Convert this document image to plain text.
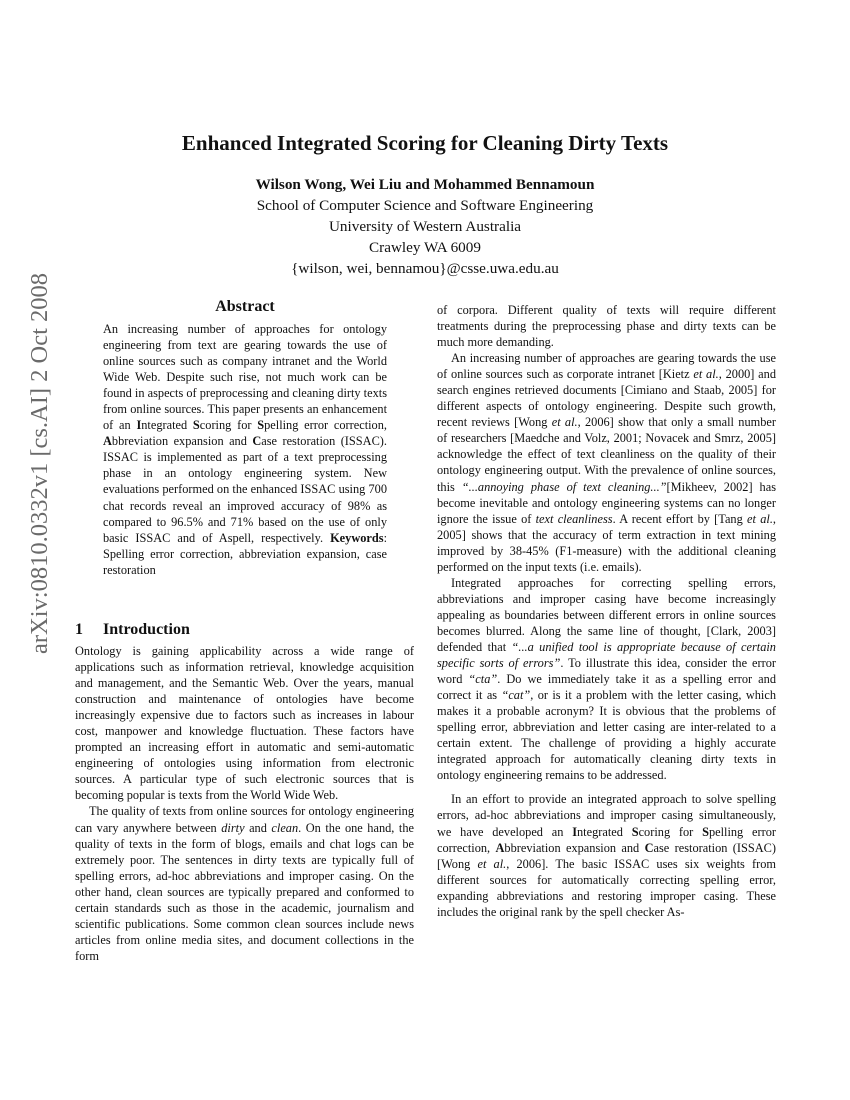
arXiv:0810.0332v1 [cs.AI] 2 Oct 2008
Enhanced Integrated Scoring for Cleaning Dirty Texts
Wilson Wong, Wei Liu and Mohammed Bennamoun
School of Computer Science and Software Engineering
University of Western Australia
Crawley WA 6009
{wilson, wei, bennamou}@csse.uwa.edu.au
Abstract

An increasing number of approaches for ontology engineering from text are gearing towards the use of online sources such as company intranet and the World Wide Web. Despite such rise, not much work can be found in aspects of preprocessing and cleaning dirty texts from online sources. This paper presents an enhancement of an Integrated Scoring for Spelling error correction, Abbreviation expansion and Case restoration (ISSAC). ISSAC is implemented as part of a text preprocessing phase in an ontology engineering system. New evaluations performed on the enhanced ISSAC using 700 chat records reveal an improved accuracy of 98% as compared to 96.5% and 71% based on the use of only basic ISSAC and of Aspell, respectively. Keywords: Spelling error correction, abbreviation expansion, case restoration

1 Introduction

Ontology is gaining applicability across a wide range of applications such as information retrieval, knowledge acquisition and management, and the Semantic Web. Over the years, manual construction and maintenance of ontologies have become increasingly expensive due to factors such as increases in labour cost, manpower and knowledge fluctuation. These factors have prompted an increasing effort in automatic and semi-automatic engineering of ontologies using information from electronic sources. A particular type of such electronic sources that is becoming popular is texts from the World Wide Web.

The quality of texts from online sources for ontology engineering can vary anywhere between dirty and clean. On the one hand, the quality of texts in the form of blogs, emails and chat logs can be extremely poor. The sentences in dirty texts are typically full of spelling errors, ad-hoc abbreviations and improper casing. On the other hand, clean sources are typically prepared and conformed to certain standards such as those in the academic, journalism and scientific publications. Some common clean sources include news articles from online media sites, and document collections in the form

of corpora. Different quality of texts will require different treatments during the preprocessing phase and dirty texts can be much more demanding.

An increasing number of approaches are gearing towards the use of online sources such as corporate intranet [Kietz et al., 2000] and search engines retrieved documents [Cimiano and Staab, 2005] for different aspects of ontology engineering. Despite such growth, recent reviews [Wong et al., 2006] show that only a small number of researchers [Maedche and Volz, 2001; Novacek and Smrz, 2005] acknowledge the effect of text cleanliness on the quality of their ontology engineering output. With the prevalence of online sources, this “...annoying phase of text cleaning...”[Mikheev, 2002] has become inevitable and ontology engineering systems can no longer ignore the issue of text cleanliness. A recent effort by [Tang et al., 2005] shows that the accuracy of term extraction in text mining improved by 38-45% (F1-measure) with the additional cleaning performed on the input texts (i.e. emails).

Integrated approaches for correcting spelling errors, abbreviations and improper casing have become increasingly appealing as boundaries between different errors in online sources becomes blurred. Along the same line of thought, [Clark, 2003] defended that “...a unified tool is appropriate because of certain specific sorts of errors”. To illustrate this idea, consider the error word “cta”. Do we immediately take it as a spelling error and correct it as “cat”, or is it a problem with the letter casing, which makes it a probable acronym? It is obvious that the problems of spelling error, abbreviation and letter casing are inter-related to a certain extent. The challenge of providing a highly accurate integrated approach for automatically cleaning dirty texts in ontology engineering remains to be addressed.

In an effort to provide an integrated approach to solve spelling errors, ad-hoc abbreviations and improper casing simultaneously, we have developed an Integrated Scoring for Spelling error correction, Abbreviation expansion and Case restoration (ISSAC) [Wong et al., 2006]. The basic ISSAC uses six weights from different sources for automatically correcting spelling error, expanding abbreviations and restoring improper casing. These includes the original rank by the spell checker As-
